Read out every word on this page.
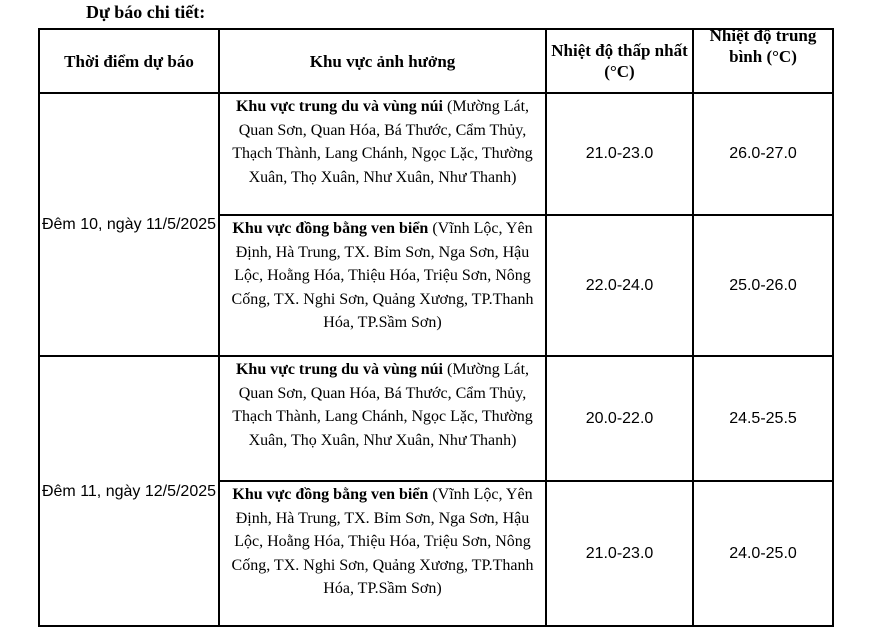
Dự báo chi tiết:
Thời điểm dự báo	Khu vực ảnh hưởng	Nhiệt độ thấp nhất (°C)	Nhiệt độ trung bình (°C)

Đêm 10, ngày 11/5/2025	Khu vực trung du và vùng núi (Mường Lát, Quan Sơn, Quan Hóa, Bá Thước, Cẩm Thủy, Thạch Thành, Lang Chánh, Ngọc Lặc, Thường Xuân, Thọ Xuân, Như Xuân, Như Thanh)	21.0-23.0	26.0-27.0
	Khu vực đồng bằng ven biển (Vĩnh Lộc, Yên Định, Hà Trung, TX. Bỉm Sơn, Nga Sơn, Hậu Lộc, Hoằng Hóa, Thiệu Hóa, Triệu Sơn, Nông Cống, TX. Nghi Sơn, Quảng Xương, TP.Thanh Hóa, TP.Sầm Sơn)	22.0-24.0	25.0-26.0
Đêm 11, ngày 12/5/2025	Khu vực trung du và vùng núi (Mường Lát, Quan Sơn, Quan Hóa, Bá Thước, Cẩm Thủy, Thạch Thành, Lang Chánh, Ngọc Lặc, Thường Xuân, Thọ Xuân, Như Xuân, Như Thanh)	20.0-22.0	24.5-25.5
	Khu vực đồng bằng ven biển (Vĩnh Lộc, Yên Định, Hà Trung, TX. Bỉm Sơn, Nga Sơn, Hậu Lộc, Hoằng Hóa, Thiệu Hóa, Triệu Sơn, Nông Cống, TX. Nghi Sơn, Quảng Xương, TP.Thanh Hóa, TP.Sầm Sơn)	21.0-23.0	24.0-25.0
